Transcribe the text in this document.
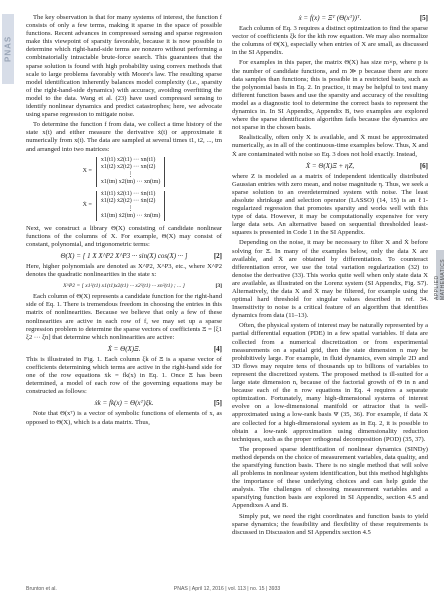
PNAS

The key observation is that for many systems of interest, the function f consists of only a few terms, making it sparse in the space of possible functions. Recent advances in compressed sensing and sparse regression make this viewpoint of sparsity favorable, because it is now possible to determine which right-hand-side terms are nonzero without performing a combinatorially intractable brute-force search. This guarantees that the sparse solution is found with high probability using convex methods that scale to large problems favorably with Moore's law. The resulting sparse model identification inherently balances model complexity (i.e., sparsity of the right-hand-side dynamics) with accuracy, avoiding overfitting the model to the data. Wang et al. (23) have used compressed sensing to identify nonlinear dynamics and predict catastrophes; here, we advocate using sparse regression to mitigate noise.

To determine the function f from data, we collect a time history of the state x(t) and either measure the derivative ẋ(t) or approximate it numerically from x(t). The data are sampled at several times t1, t2, ..., tm and arranged into two matrices:

X =
x1(t1) x2(t1) ··· xn(t1)
x1(t2) x2(t2) ··· xn(t2)
⋮
x1(tm) x2(tm) ··· xn(tm)
Ẋ =
ẋ1(t1) ẋ2(t1) ··· ẋn(t1)
ẋ1(t2) ẋ2(t2) ··· ẋn(t2)
⋮
ẋ1(tm) ẋ2(tm) ··· ẋn(tm)

Next, we construct a library Θ(X) consisting of candidate nonlinear functions of the columns of X. For example, Θ(X) may consist of constant, polynomial, and trigonometric terms:

Θ(X) = [ 1 X X^P2 X^P3 ··· sin(X) cos(X) ··· ]	[2]

Here, higher polynomials are denoted as X^P2, X^P3, etc., where X^P2 denotes the quadratic nonlinearities in the state x:

X^P2 = [ x1²(t1) x1(t1)x2(t1) ··· x2²(t1) ··· xn²(t1) ; ... ]	[3]

Each column of Θ(X) represents a candidate function for the right-hand side of Eq. 1. There is tremendous freedom in choosing the entries in this matrix of nonlinearities. Because we believe that only a few of these nonlinearities are active in each row of f, we may set up a sparse regression problem to determine the sparse vectors of coefficients Ξ = [ξ1 ξ2 ··· ξn] that determine which nonlinearities are active:

Ẋ = Θ(X)Ξ.	[4]

This is illustrated in Fig. 1. Each column ξk of Ξ is a sparse vector of coefficients determining which terms are active in the right-hand side for one of the row equations ẋk = fk(x) in Eq. 1. Once Ξ has been determined, a model of each row of the governing equations may be constructed as follows:

ẋk = fk(x) = Θ(xᵀ)ξk.	[5]

Note that Θ(xᵀ) is a vector of symbolic functions of elements of x, as opposed to Θ(X), which is a data matrix. Thus,

ẋ = f(x) = Ξᵀ (Θ(xᵀ))ᵀ.	[5]

Each column of Eq. 3 requires a distinct optimization to find the sparse vector of coefficients ξk for the kth row equation. We may also normalize the columns of Θ(X), especially when entries of X are small, as discussed in the SI Appendix.

For examples in this paper, the matrix Θ(X) has size m×p, where p is the number of candidate functions, and m ≫ p because there are more data samples than functions; this is possible in a restricted basis, such as the polynomial basis in Eq. 2. In practice, it may be helpful to test many different function bases and use the sparsity and accuracy of the resulting model as a diagnostic tool to determine the correct basis to represent the dynamics in. In SI Appendix, Appendix B, two examples are explored where the sparse identification algorithm fails because the dynamics are not sparse in the chosen basis.

Realistically, often only X is available, and Ẋ must be approximated numerically, as in all of the continuous-time examples below. Thus, X and Ẋ are contaminated with noise so Eq. 3 does not hold exactly. Instead,

Ẋ = Θ(X)Ξ + ηZ,	[6]

where Z is modeled as a matrix of independent identically distributed Gaussian entries with zero mean, and noise magnitude η. Thus, we seek a sparse solution to an overdetermined system with noise. The least absolute shrinkage and selection operator (LASSO) (14, 15) is an ℓ1-regularized regression that promotes sparsity and works well with this type of data. However, it may be computationally expensive for very large data sets. An alternative based on sequential thresholded least-squares is presented in Code 1 in the SI Appendix.

Depending on the noise, it may be necessary to filter X and Ẋ before solving for Ξ. In many of the examples below, only the data X are available, and Ẋ are obtained by differentiation. To counteract differentiation error, we use the total variation regularization (32) to denoise the derivative (33). This works quite well when only state data X are available, as illustrated on the Lorenz system (SI Appendix, Fig. S7). Alternatively, the data X and Ẋ may be filtered, for example using the optimal hard threshold for singular values described in ref. 34. Insensitivity to noise is a critical feature of an algorithm that identifies dynamics from data (11–13).

Often, the physical system of interest may be naturally represented by a partial differential equation (PDE) in a few spatial variables. If data are collected from a numerical discretization or from experimental measurements on a spatial grid, then the state dimension n may be prohibitively large. For example, in fluid dynamics, even simple 2D and 3D flows may require tens of thousands up to billions of variables to represent the discretized system. The proposed method is ill-suited for a large state dimension n, because of the factorial growth of Θ in n and because each of the n row equations in Eq. 4 requires a separate optimization. Fortunately, many high-dimensional systems of interest evolve on a low-dimensional manifold or attractor that is well-approximated using a low-rank basis Ψ (35, 36). For example, if data X are collected for a high-dimensional system as in Eq. 2, it is possible to obtain a low-rank approximation using dimensionality reduction techniques, such as the proper orthogonal decomposition (POD) (35, 37).

The proposed sparse identification of nonlinear dynamics (SINDy) method depends on the choice of measurement variables, data quality, and the sparsifying function basis. There is no single method that will solve all problems in nonlinear system identification, but this method highlights the importance of these underlying choices and can help guide the analysis. The challenges of choosing measurement variables and a sparsifying function basis are explored in SI Appendix, section 4.5 and Appendixes A and B.

Simply put, we need the right coordinates and function basis to yield sparse dynamics; the feasibility and flexibility of these requirements is discussed in Discussion and SI Appendix section 4.5

APPLIED MATHEMATICS
Brunton et al.	PNAS | April 12, 2016 | vol. 113 | no. 15 | 3933
